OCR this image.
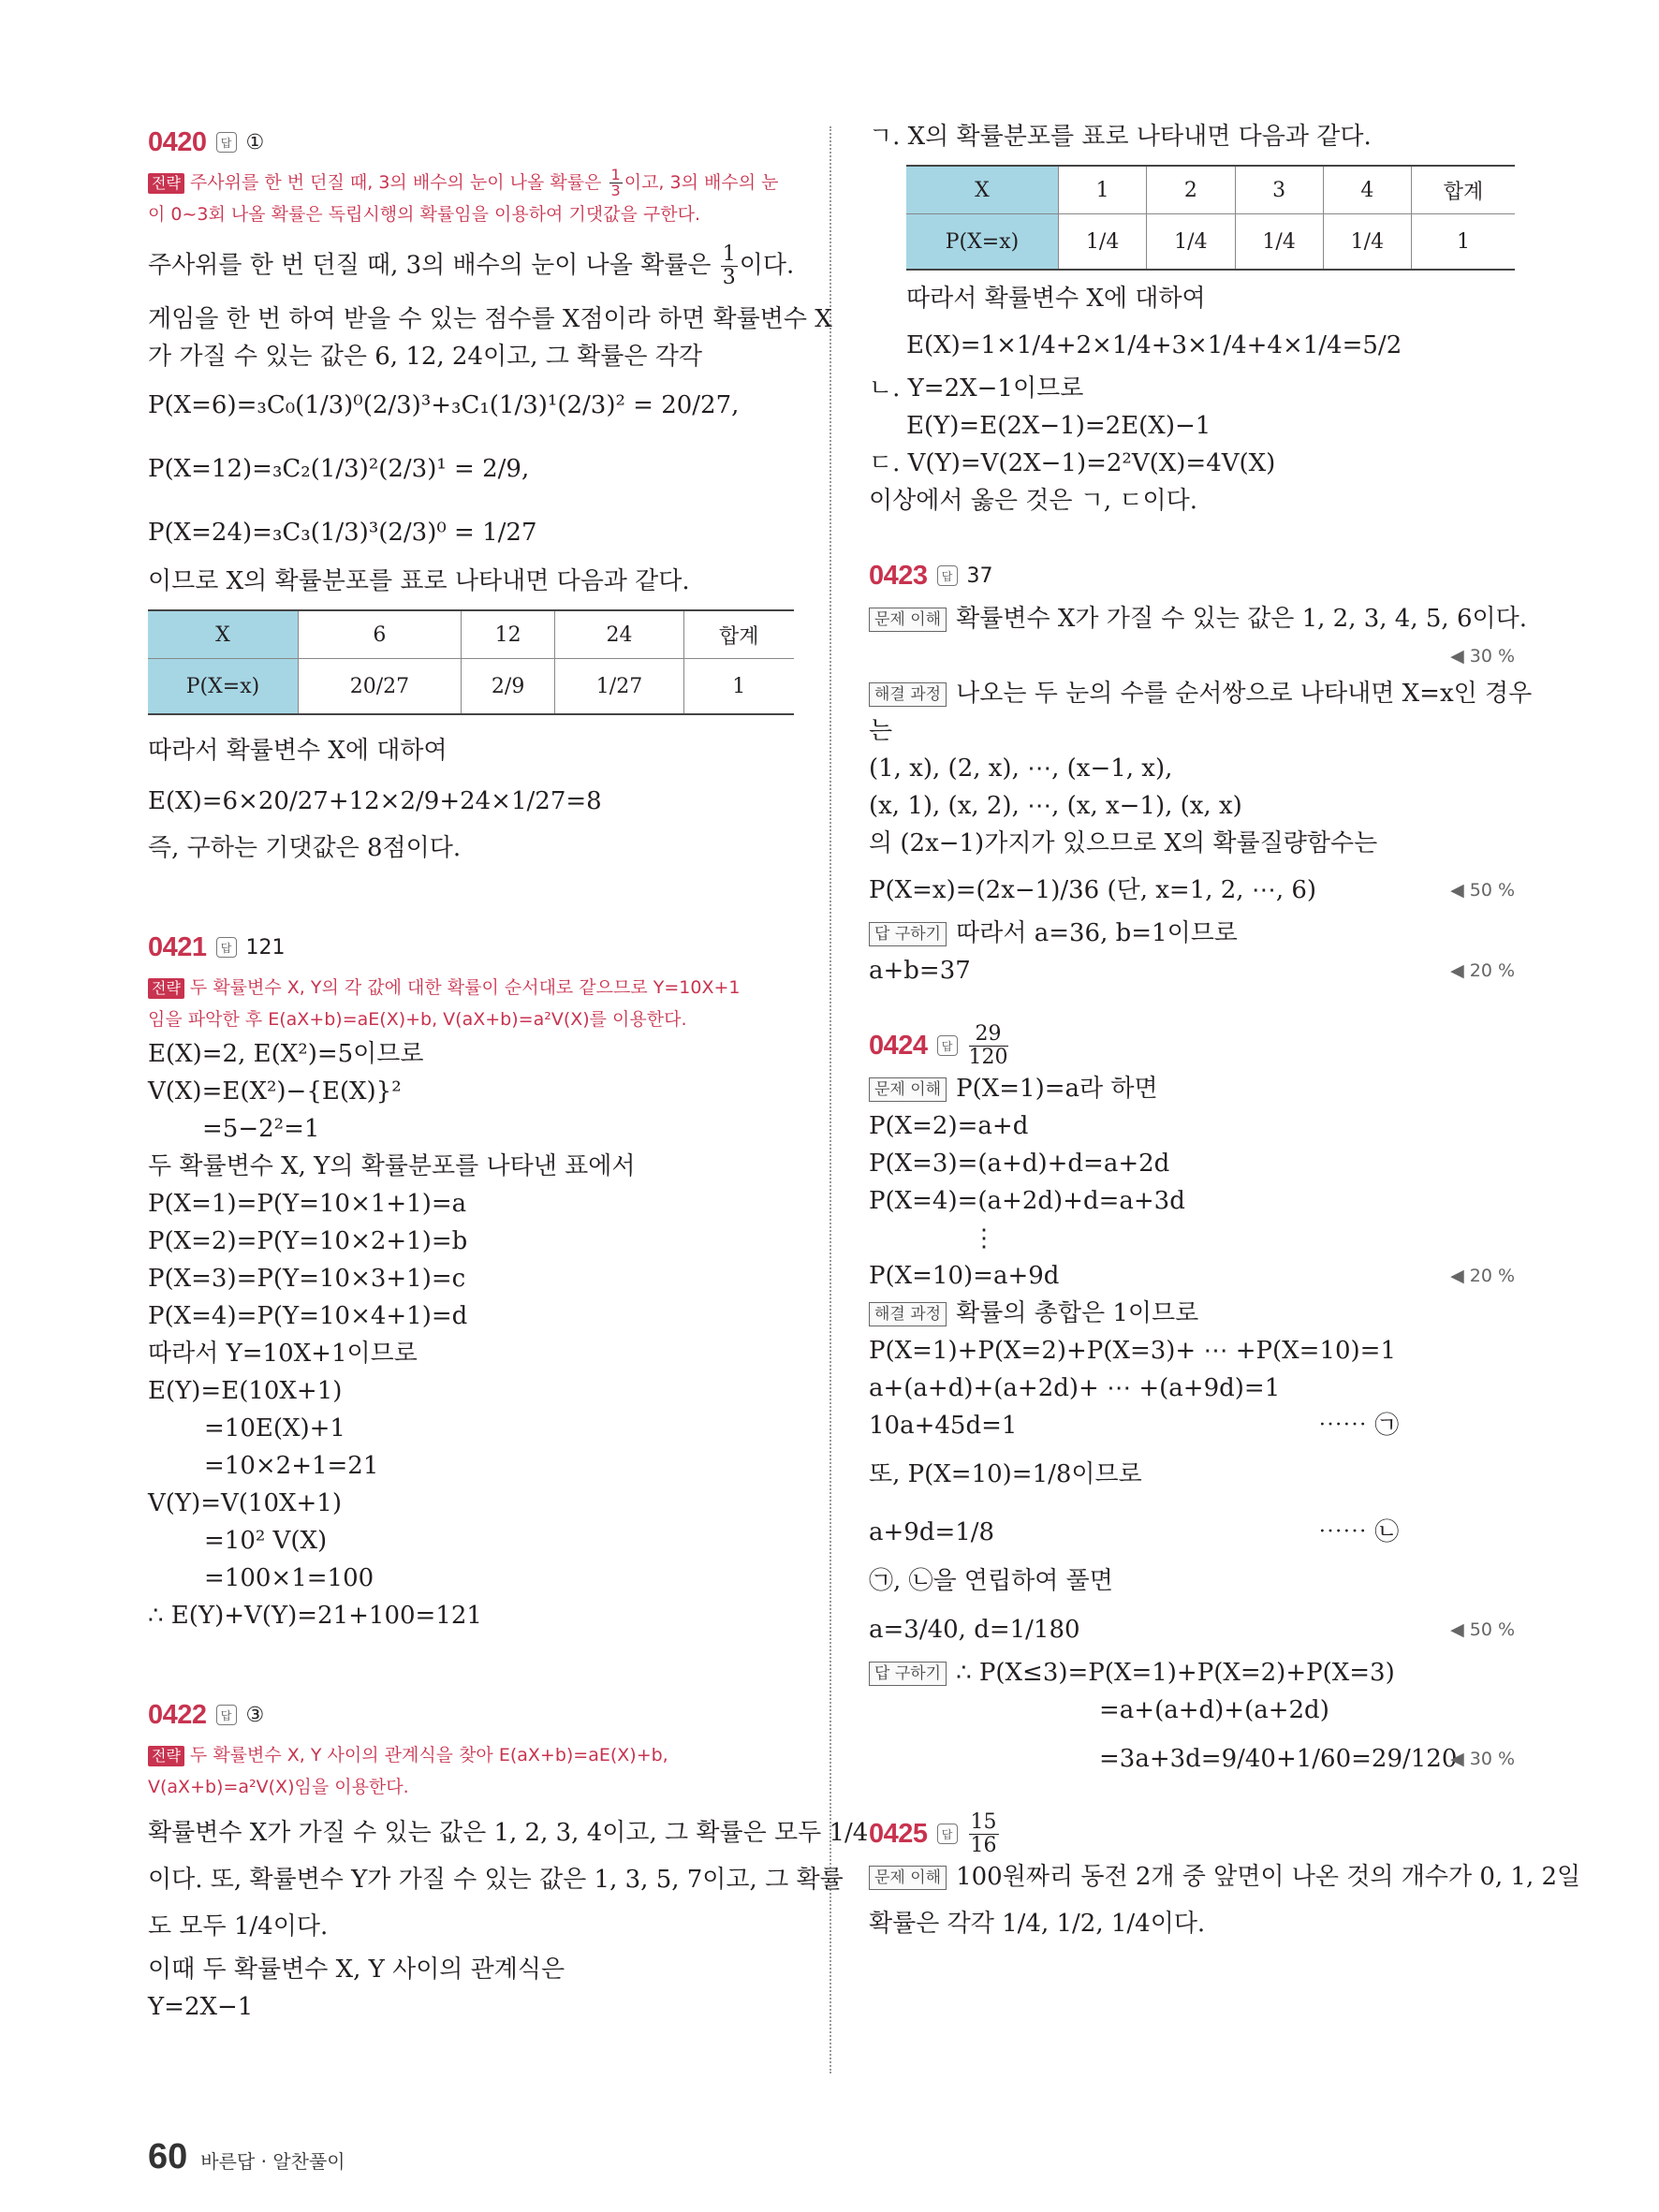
0420	답 ①
전략 주사위를 한 번 던질 때, 3의 배수의 눈이 나올 확률은 $\frac{1}{3}$ 이고, 3의 배수의 눈
이 0~3회 나올 확률은 독립시행의 확률임을 이용하여 기댓값을 구한다.
주사위를 한 번 던질 때, 3의 배수의 눈이 나올 확률은 $\frac{1}{3}$ 이다.
게임을 한 번 하여 받을 수 있는 점수를 X점이라 하면 확률변수 X
가 가질 수 있는 값은 6, 12, 24이고, 그 확률은 각각
P(X=6)=₃C₀(1/3)⁰(2/3)³+₃C₁(1/3)¹(2/3)² = 20/27,
P(X=12)=₃C₂(1/3)²(2/3)¹ = 2/9,
P(X=24)=₃C₃(1/3)³(2/3)⁰ = 1/27
이므로 X의 확률분포를 표로 나타내면 다음과 같다.
X	6	12	24	합계
P(X=x)	20/27	2/9	1/27	1
따라서 확률변수 X에 대하여
E(X)=6×20/27+12×2/9+24×1/27=8
즉, 구하는 기댓값은 8점이다.
0421	답 121
전략 두 확률변수 X, Y의 각 값에 대한 확률이 순서대로 같으므로 Y=10X+1
임을 파악한 후 E(aX+b)=aE(X)+b, V(aX+b)=a²V(X)를 이용한다.
E(X)=2, E(X²)=5이므로
V(X)=E(X²)−{E(X)}²
=5−2²=1
두 확률변수 X, Y의 확률분포를 나타낸 표에서
P(X=1)=P(Y=10×1+1)=a
P(X=2)=P(Y=10×2+1)=b
P(X=3)=P(Y=10×3+1)=c
P(X=4)=P(Y=10×4+1)=d
따라서 Y=10X+1이므로
E(Y)=E(10X+1)
=10E(X)+1
=10×2+1=21
V(Y)=V(10X+1)
=10² V(X)
=100×1=100
∴ E(Y)+V(Y)=21+100=121
0422	답 ③
전략 두 확률변수 X, Y 사이의 관계식을 찾아 E(aX+b)=aE(X)+b,
V(aX+b)=a²V(X)임을 이용한다.
확률변수 X가 가질 수 있는 값은 1, 2, 3, 4이고, 그 확률은 모두 1/4
이다. 또, 확률변수 Y가 가질 수 있는 값은 1, 3, 5, 7이고, 그 확률
도 모두 1/4이다.
이때 두 확률변수 X, Y 사이의 관계식은
Y=2X−1
ㄱ. X의 확률분포를 표로 나타내면 다음과 같다.
X	1	2	3	4	합계
P(X=x)	1/4	1/4	1/4	1/4	1
따라서 확률변수 X에 대하여
E(X)=1×1/4+2×1/4+3×1/4+4×1/4=5/2
ㄴ. Y=2X−1이므로
E(Y)=E(2X−1)=2E(X)−1
ㄷ. V(Y)=V(2X−1)=2²V(X)=4V(X)
이상에서 옳은 것은 ㄱ, ㄷ이다.
0423	답 37
문제 이해 확률변수 X가 가질 수 있는 값은 1, 2, 3, 4, 5, 6이다.
◀ 30 %

해결 과정 나오는 두 눈의 수를 순서쌍으로 나타내면 X=x인 경우
는
(1, x), (2, x), ⋯, (x−1, x),
(x, 1), (x, 2), ⋯, (x, x−1), (x, x)
의 (2x−1)가지가 있으므로 X의 확률질량함수는
P(X=x)=(2x−1)/36 (단, x=1, 2, ⋯, 6)	◀ 50 %
답 구하기 따라서 a=36, b=1이므로
a+b=37	◀ 20 %
0424	답
29
120
문제 이해 P(X=1)=a라 하면
P(X=2)=a+d
P(X=3)=(a+d)+d=a+2d
P(X=4)=(a+2d)+d=a+3d
⋮
P(X=10)=a+9d	◀ 20 %
해결 과정 확률의 총합은 1이므로
P(X=1)+P(X=2)+P(X=3)+ ⋯ +P(X=10)=1
a+(a+d)+(a+2d)+ ⋯ +(a+9d)=1
10a+45d=1	⋯⋯ ㉠
또, P(X=10)=1/8이므로
a+9d=1/8	⋯⋯ ㉡
㉠, ㉡을 연립하여 풀면
a=3/40, d=1/180	◀ 50 %
답 구하기 ∴ P(X≤3)=P(X=1)+P(X=2)+P(X=3)
=a+(a+d)+(a+2d)
=3a+3d=9/40+1/60=29/120
◀ 30 %
0425	답
15
16
문제 이해 100원짜리 동전 2개 중 앞면이 나온 것의 개수가 0, 1, 2일
확률은 각각 1/4, 1/2, 1/4이다.
60 바른답 · 알찬풀이
